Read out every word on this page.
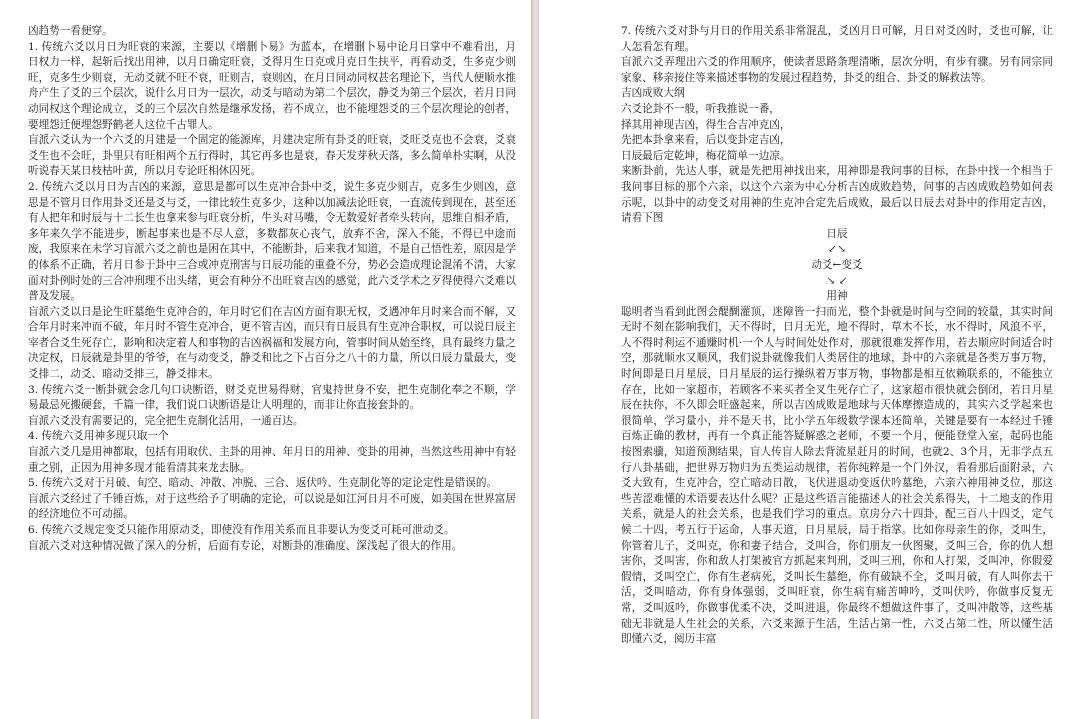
凶趋势一看便穿。

1. 传统六爻以月日为旺衰的来源，主要以《增删卜易》为蓝本，在增删卜易中论月日掌中不难看出，月日权力一样，起斩后找出用神，以月日确定旺衰，爻得月生日克或月克日生扶平，再看动爻，生多克少则旺，克多生少则衰，无动爻就不旺不衰，旺则吉，衰则凶，在月日同动同权甚名理论下，当代人便顺水推舟产生了爻的三个层次，说什么月日为一层次，动爻与暗动为第二个层次，静爻为第三个层次，若月日同动同权这个理论成立，爻的三个层次自然是继承发扬，若不成立，也不能埋怨爻的三个层次理论的创者，要埋怨迁便埋怨野鹤老人这位千古罪人。

盲派六爻认为一个六爻的月建是一个固定的能源库，月建决定所有卦爻的旺衰，爻旺爻克也不会衰，爻衰爻生也不会旺，卦里只有旺相两个五行得时，其它再多也是衰，春天发芽秋天落，多么简单朴实啊，从没听说春天某日枝枯叶黄，所以月专论旺相休囚死。

2. 传统六爻以月日为吉凶的来源，意思是都可以生克冲合卦中爻，说生多克少则吉，克多生少则凶，意思是不管月日作用卦爻还是爻与爻，一律比较生克多少，这种以加减法论旺衰，一直流传到现在，甚至还有人把年和时辰与十二长生也拿来参与旺衰分析，牛头对马嘴，令无数爱好者牵头转向，思维自相矛盾，多年来久学不能进步，断起事来也是不尽人意，多数都灰心丧气，放弃不舍，深入不能，不得已中途而废，我原来在未学习盲派六爻之前也是困在其中，不能断卦，后来我才知道，不是自己悟性差，原因是学的体系不正确，若月日参于卦中三合或冲克刑害与日辰功能的重叠不分，势必会造成理论混淆不清，大家面对卦例时处的三合冲刑理不出头绪，更会有种分不出旺衰吉凶的感觉，此六爻学术之歹得使得六爻难以普及发展。

盲派六爻以日是论生旺墓绝生克冲合的，年月时它们在吉凶方面有职无权，爻遇冲年月时来合而不解，又合年月时来冲而不破，年月时不管生克冲合，更不管吉凶，而只有日辰具有生克冲合职权，可以说日辰主宰者合爻生死存亡，影响和决定着人和事物的吉凶祸福和发展方向，管事时间从始至终，具有最终力量之决定权，日辰就是卦里的爷爷，在与动变爻，静爻和比之下占百分之八十的力量，所以日辰力量最大，变爻排二，动爻、暗动爻排三，静爻排末。

3. 传统六爻一断卦就会念几句口诀断语，财爻克世易得财，官鬼持世身不安，把生克制化奉之不顺，学易最忌死搬硬套，千篇一律，我们说口诀断语是让人明理的，而非让你直接套卦的。

盲派六爻没有需要记的，完全把生克制化活用，一通百达。

4. 传统六爻用神多现只取一个

盲派六爻几是用神都取，包括有用取伏、主卦的用神、年月日的用神、变卦的用神，当然这些用神中有轻重之别，正因为用神多现才能看清其来龙去脉。

5. 传统六爻对于月破、旬空、暗动、冲散、冲脱、三合、返伏吟、生克制化等的定论定性是错误的。

盲派六爻经过了千锤百炼，对于这些给予了明确的定论，可以说是如江河日月不可废，如美国在世界富居的经济地位不可动摇。

6. 传统六爻规定变爻只能作用原动爻，即使没有作用关系而且非要认为变爻可耗可泄动爻。

盲派六爻对这种情况做了深入的分析，后面有专论，对断卦的准确度、深浅起了很大的作用。

7. 传统六爻对卦与月日的作用关系非常混乱，爻凶月日可解，月日对爻凶时，爻也可解，让人怎看怎有理。

盲派六爻弄理出六爻的作用顺序，使读者思路条理清晰，层次分明，有步有骤。另有同宗同家象、移亲接住等来描述事物的发展过程趋势，卦爻的组合、卦爻的解救法等。

吉凶成败大纲

六爻论卦不一般，听我推说一番，

择其用神现吉凶，得生合吉冲克凶，

先把本卦拿来看，后以变卦定吉凶，

日辰最后定乾坤，梅花简单一边凉。

来断卦前，先达人事，就是先把用神找出来，用神即是我问事的目标，在卦中找一个相当于我问事目标的那个六亲，以这个六亲为中心分析吉凶成败趋势，问事的吉凶成败趋势如何表示呢，以卦中的动变爻对用神的生克冲合定先后成败，最后以日辰去对卦中的作用定吉凶，请看下图

日辰
↙↘
动爻←变爻
↘ ↙
用神

聪明者当看到此图会醍醐灌顶，迷障皆一扫而光，整个卦就是时间与空间的较量，其实时间无时不刻在影响我们，天不得时，日月无光，地不得时，草木不长，水不得时，风浪不平，人不得时利运不通赚时机·一个人与时间处处作对，那就很难发挥作用，若去顺应时间适合时空，那就顺水又顺风，我们说卦就像我们人类居住的地球，卦中的六亲就是各类万事万物，时间即是日月星辰，日月星辰的运行操纵着万事万物，事物都是相互依赖联系的，不能独立存在，比如一家超市，若顾客不来买者全叉生死存亡了，这家超市很快就会倒闭，若日月星辰在扶你，不久即会旺盛起来，所以吉凶成败是地球与天体摩擦造成的，其实六爻学起来也很简单，学习量小，并不是天书，比小学五年级数学课本还简单，关键是要有一本经过千锤百炼正确的教材，再有一个真正能答疑解惑之老师，不要一个月，便能登堂入室，起码也能按图索骥，知道预测结果，盲人传盲人除去背流星赶月的时间，也就2、3个月，无非学点五行八卦基础，把世界万物归为五类运动规律，若你纯粹是一个门外汉，看看那后面附录，六爻大致有，生克冲合，空亡暗动日散，飞伏进退动变返伏吟墓绝，六亲六神用神爻位，那这些苦涩难懂的术语要表达什么呢？正是这些语言能描述人的社会关系得失，十二地支的作用关系，就是人的社会关系，也是我们学习的重点。京房分六十四卦，配三百八十四爻，定气候二十四，考五行于运命，人事天道，日月星辰，局于指掌。比如你母亲生的你，爻叫生，你管着儿子，爻叫克，你和妻子结合，爻叫合，你们朋友一伙图聚，爻叫三合，你的仇人想害你，爻叫害，你和敌人打架被官方抓起来判刑，爻叫三刑，你和人打架，爻叫冲，你假爱假情，爻叫空亡，你有生老病死，爻叫长生墓绝，你有破缺不全，爻叫月破，有人叫你去干活，爻叫暗动，你有身体强弱，爻叫旺衰，你生病有痛苦呻吟，爻叫伏吟，你做事反复无常，爻叫返吟，你做事优柔不决，爻叫进退，你最终不想做这件事了，爻叫冲散等，这些基础无非就是人生社会的关系，六爻来源于生活，生活占第一性，六爻占第二性，所以懂生活即懂六爻，阅历丰富
